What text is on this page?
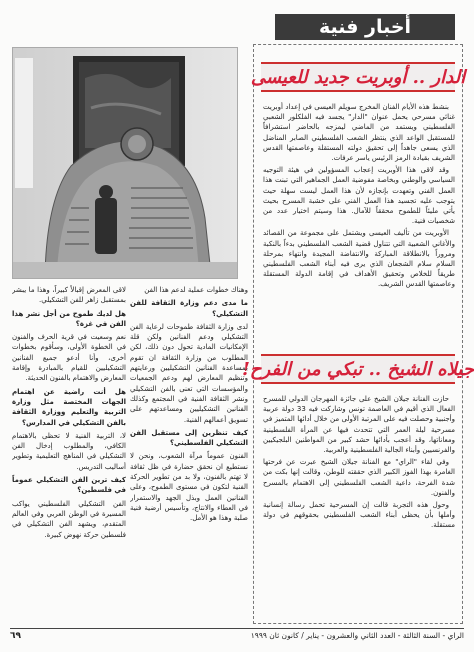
وهناك خطوات عملية لدعم هذا الفن

ما مدى دعم وزارة الثقافة للفن التشكيلي؟

لدى وزارة الثقافة طموحات لرعاية الفن التشكيلي ودعم الفنانين ولكن قلة الإمكانيات المادية تحول دون ذلك، لكن المطلوب من وزارة الثقافة ان تقوم بمساعدة الفنانين التشكيليين ورعايتهم وتنظيم المعارض لهم ودعم الجمعيات والمؤسسات التي تعنى بالفن التشكيلي ونشر الثقافة الفنية في المجتمع وكذلك الفنانين التشكيليين ومساعدتهم على تسويق أعمالهم الفنية.

كيف تنظرين إلى مستقبل الفن التشكيلي الفلسطيني؟

الفنون عموماً مرآة الشعوب، ونحن لا نستطيع ان نحقق حضارة في ظل ثقافة لا تهتم بالفنون، ولا بد من تطوير الحركة الفنية لتكون في مستوى الطموح، وعلى الفنانين العمل وبذل الجهد والاستمرار في العطاء والانتاج، وتأسيس أرضية فنية صلبة وهذا هو الأمل.

لاقى المعرض إقبالاً كبيراً، وهذا ما يبشر بمستقبل زاهر للفن التشكيلي.

هل لديك طموح من أجل نشر هذا الفن في غزة؟

نعم وسعيت في قرية الحرف والفنون في الخطوة الأولى، وسأقوم بخطوات أخرى، وأنا أدعو جميع الفنانين التشكيليين للقيام بالمبادرة وإقامة المعارض والاهتمام بالفنون الحديثة.

هل أنت راضية عن اهتمام الجهات المختصة مثل وزارة التربية والتعليم ووزارة الثقافة بالفن التشكيلي في المدارس؟

لا، التربية الفنية لا تحظى بالاهتمام الكافي، والمطلوب إدخال الفن التشكيلي في المناهج التعليمية وتطوير أساليب التدريس.

كيف ترين الفن التشكيلي عموماً في فلسطين؟

الفن التشكيلي الفلسطيني يواكب المسيرة في الوطن العربي وفي العالم المتقدم، ويشهد الفن التشكيلي في فلسطين حركة نهوض كبيرة.

أخبار فنية
الدار .. أوبريت جديد للعيسى

بنشط هذه الأيام الفنان المخرج سويلم العيسى في إعداد أوبريت غنائي مسرحي يحمل عنوان "الدار" يجسد فيه الفلكلور الشعبي الفلسطيني ويستمد من الماضي ليمزجه بالحاضر استشرافاً للمستقبل الواعد الذي ينتظر الشعب الفلسطيني الصابر المناضل الذي يسعى جاهداً إلى تحقيق دولته المستقلة وعاصمتها القدس الشريف بقيادة الرمز الرئيس ياسر عرفات.

وقد لاقى هذا الأوبريت إعجاب المسؤولين في هيئة التوجيه السياسي والوطني وبخاصة مفوضية العمل الجماهير التي تبنت هذا العمل الفني وتعهدت بإنجازه لأن هذا العمل ليست سهلة حيث يتوجب عليه تجسيد هذا العمل الفني على خشبة المسرح بحيث يأتي مليئاً للطموح محققاً للآمال. هذا وسيتم اختيار عدد من شخصيات فنية.

الأوبريت من تأليف العيسى ويشتمل على مجموعة من القصائد والأغاني الشعبية التي تتناول قضية الشعب الفلسطيني بدءاً بالنكبة ومروراً بالانطلاقة المباركة والانتفاضة المجيدة وانتهاء بمرحلة السلام سلام الشجعان الذي يرى فيه أبناء الشعب الفلسطيني طريقاً للخلاص وتحقيق الأهداف في إقامة الدولة المستقلة وعاصمتها القدس الشريف.

جيلاه الشيخ .. تبكي من الفرح!

حازت الفنانة جيلان الشيخ على جائزة المهرجان الدولي للمسرح الفعال الذي أقيم في العاصمة تونس وشاركت فيه 33 دولة عربية وأجنبية وحصلت فيه على المرتبة الأولى من خلال أدائها المتميز في مسرحية ليلة العمر التي تتحدث فيها عن المرأة الفلسطينية ومعاناتها، وقد أعجب بأدائها حشد كبير من المواطنين البلجيكيين والفرنسيين وأبناء الجالية الفلسطينية والعربية.

وفي لقاء "الراي" مع الفنانة جيلان الشيخ عبرت عن فرحتها الغامرة بهذا الفوز الكبير الذي حققته للوطن، وقالت إنها بكت من شدة الفرحة، داعية الشعب الفلسطيني إلى الاهتمام بالمسرح والفنون.

وحول هذه التجربة قالت إن المسرحية تحمل رسالة إنسانية وأملها بأن يحظى أبناء الشعب الفلسطيني بحقوقهم في دولة مستقلة.

الراي - السنة الثالثة - العدد الثاني والعشرون - يناير / كانون ثان ١٩٩٩
٦٩
